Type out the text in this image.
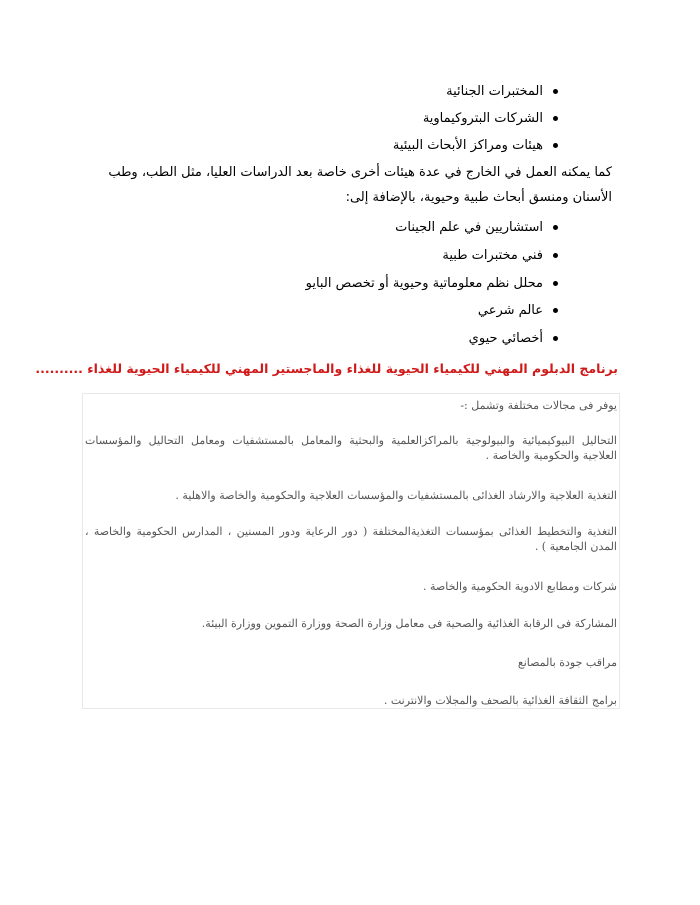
المختبرات الجنائية
الشركات البتروكيماوية
هيئات ومراكز الأبحاث البيئية

كما يمكنه العمل في الخارج في عدة هيئات أخرى خاصة بعد الدراسات العليا، مثل الطب، وطب الأسنان ومنسق أبحاث طبية وحيوية، بالإضافة إلى:

استشاريين في علم الجينات
فني مختبرات طبية
محلل نظم معلوماتية وحيوية أو تخصص البايو
عالم شرعي
أخصائي حيوي
برنامج الدبلوم المهني للكيمياء الحيوية للغذاء والماجستير المهني للكيمياء الحيوية للغذاء ..........
يوفر فى مجالات مختلفة وتشمل :-
التحاليل البيوكيميائية والبيولوجية بالمراكزالعلمية والبحثية والمعامل بالمستشفيات ومعامل التحاليل والمؤسسات العلاجية والحكومية والخاصة .
التغذية العلاجية والارشاد الغذائى بالمستشفيات والمؤسسات العلاجية والحكومية والخاصة والاهلية .
التغذية والتخطيط الغذائى بمؤسسات التغذيةالمختلفة ( دور الرعاية ودور المسنين ، المدارس الحكومية والخاصة ، المدن الجامعية ) .
شركات ومطابع الادوية الحكومية والخاصة .
المشاركة فى الرقابة الغذائية والصحية فى معامل وزارة الصحة ووزارة التموين ووزارة البيئة.
مراقب جودة بالمصانع
برامج الثقافة الغذائية بالصحف والمجلات والانترنت .
